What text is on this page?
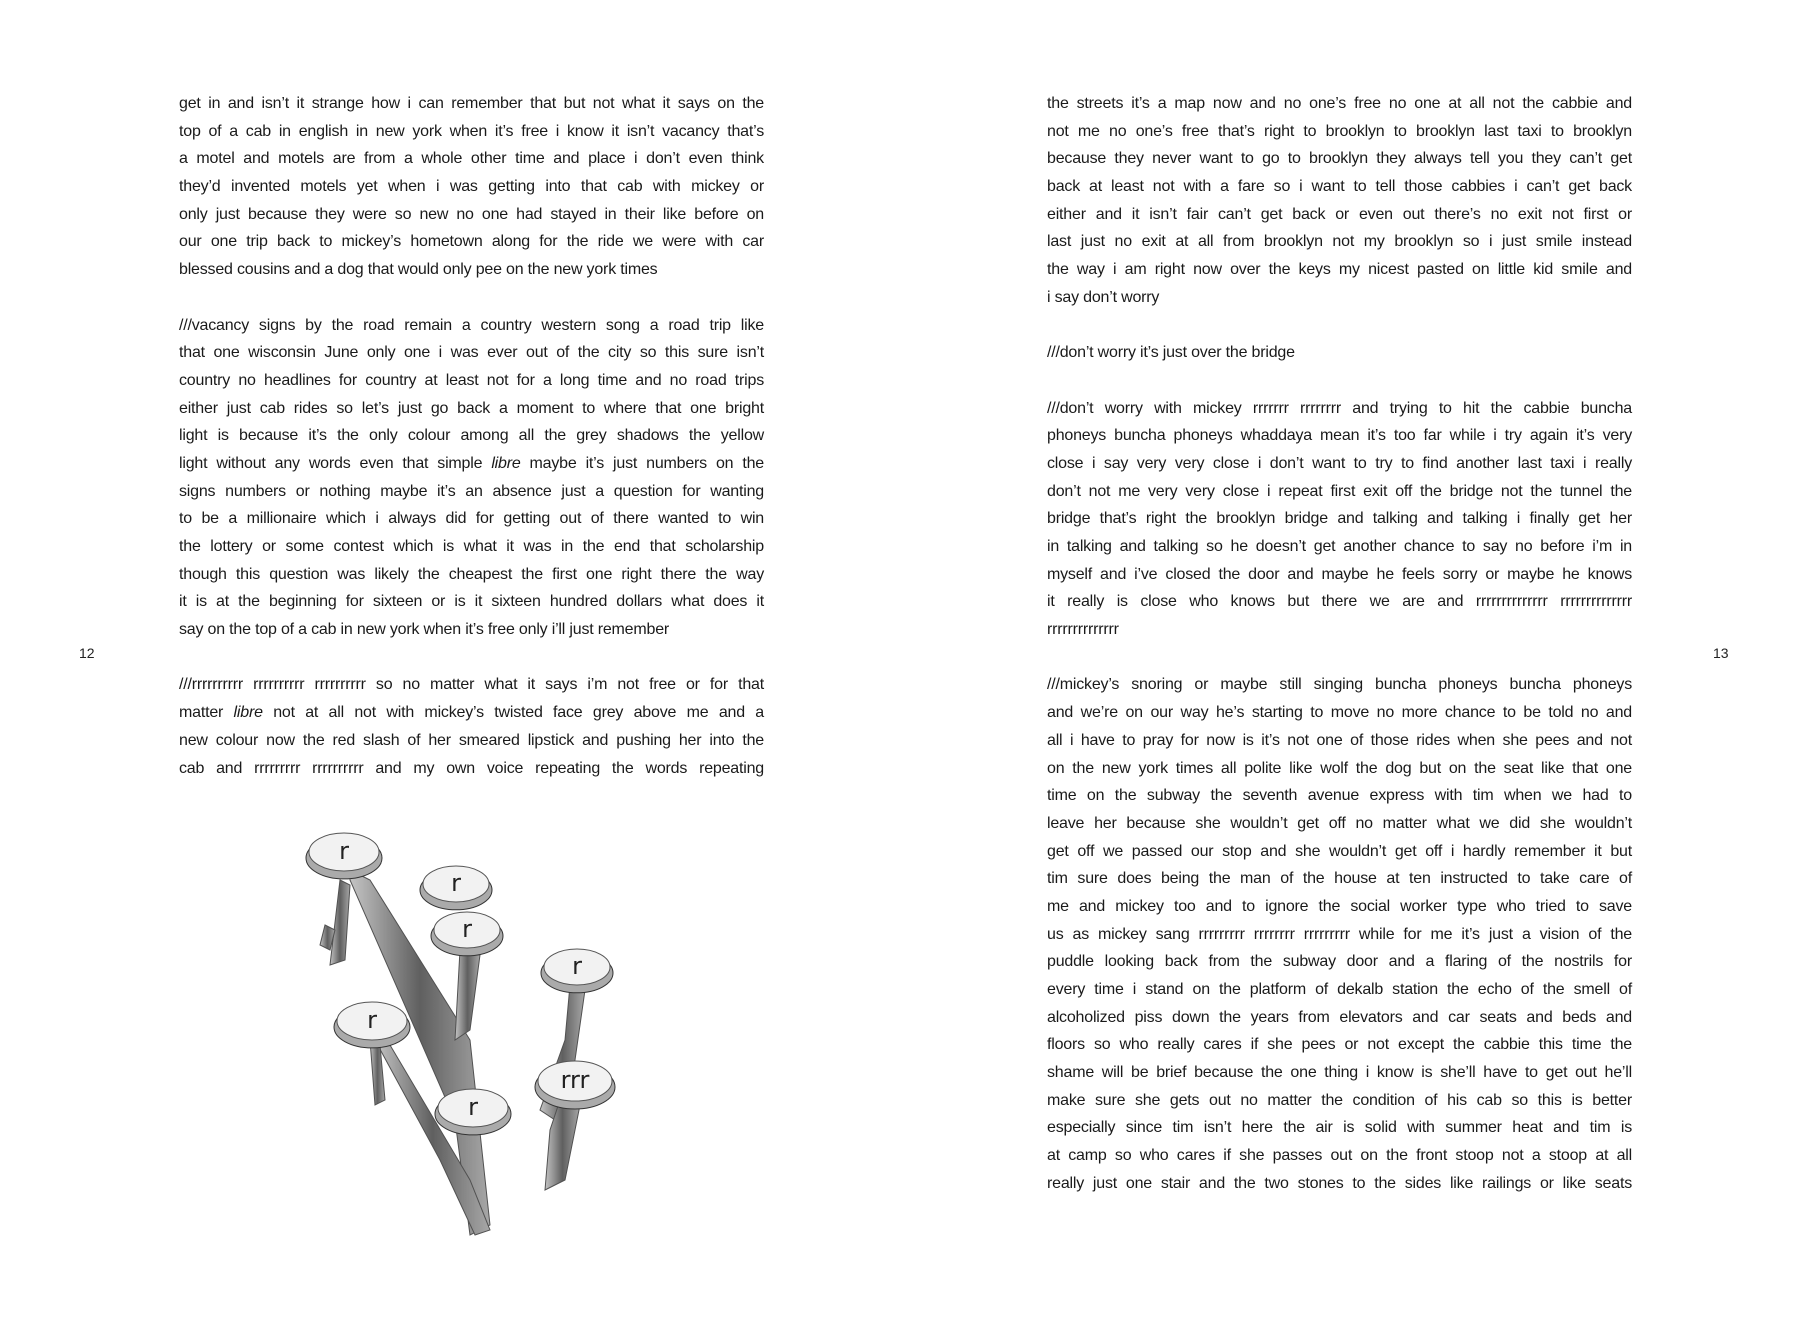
get in and isn’t it strange how i can remember that but not what it says on the
top of a cab in english in new york when it’s free i know it isn’t vacancy that’s
a motel and motels are from a whole other time and place i don’t even think
they’d invented motels yet when i was getting into that cab with mickey or
only just because they were so new no one had stayed in their like before on
our one trip back to mickey’s hometown along for the ride we were with car
blessed cousins and a dog that would only pee on the new york times
///vacancy signs by the road remain a country western song a road trip like
that one wisconsin June only one i was ever out of the city so this sure isn’t
country no headlines for country at least not for a long time and no road trips
either just cab rides so let’s just go back a moment to where that one bright
light is because it’s the only colour among all the grey shadows the yellow
light without any words even that simple libre maybe it’s just numbers on the
signs numbers or nothing maybe it’s an absence just a question for wanting
to be a millionaire which i always did for getting out of there wanted to win
the lottery or some contest which is what it was in the end that scholarship
though this question was likely the cheapest the first one right there the way
it is at the beginning for sixteen or is it sixteen hundred dollars what does it
say on the top of a cab in new york when it’s free only i’ll just remember
///rrrrrrrrrr rrrrrrrrrr rrrrrrrrrr so no matter what it says i’m not free or for that
matter libre not at all not with mickey’s twisted face grey above me and a
new colour now the red slash of her smeared lipstick and pushing her into the
cab and rrrrrrrrr rrrrrrrrrr and my own voice repeating the words repeating
the streets it’s a map now and no one’s free no one at all not the cabbie and
not me no one’s free that’s right to brooklyn to brooklyn last taxi to brooklyn
because they never want to go to brooklyn they always tell you they can’t get
back at least not with a fare so i want to tell those cabbies i can’t get back
either and it isn’t fair can’t get back or even out there’s no exit not first or
last just no exit at all from brooklyn not my brooklyn so i just smile instead
the way i am right now over the keys my nicest pasted on little kid smile and
i say don’t worry
///don’t worry it’s just over the bridge
///don’t worry with mickey rrrrrrr rrrrrrrr and trying to hit the cabbie buncha
phoneys buncha phoneys whaddaya mean it’s too far while i try again it’s very
close i say very very close i don’t want to try to find another last taxi i really
don’t not me very very close i repeat first exit off the bridge not the tunnel the
bridge that’s right the brooklyn bridge and talking and talking i finally get her
in talking and talking so he doesn’t get another chance to say no before i’m in
myself and i’ve closed the door and maybe he feels sorry or maybe he knows
it really is close who knows but there we are and rrrrrrrrrrrrrr rrrrrrrrrrrrrr
rrrrrrrrrrrrrr
///mickey’s snoring or maybe still singing buncha phoneys buncha phoneys
and we’re on our way he’s starting to move no more chance to be told no and
all i have to pray for now is it’s not one of those rides when she pees and not
on the new york times all polite like wolf the dog but on the seat like that one
time on the subway the seventh avenue express with tim when we had to
leave her because she wouldn’t get off no matter what we did she wouldn’t
get off we passed our stop and she wouldn’t get off i hardly remember it but
tim sure does being the man of the house at ten instructed to take care of
me and mickey too and to ignore the social worker type who tried to save
us as mickey sang rrrrrrrrr rrrrrrrr rrrrrrrrr while for me it’s just a vision of the
puddle looking back from the subway door and a flaring of the nostrils for
every time i stand on the platform of dekalb station the echo of the smell of
alcoholized piss down the years from elevators and car seats and beds and
floors so who really cares if she pees or not except the cabbie this time the
shame will be brief because the one thing i know is she’ll have to get out he’ll
make sure she gets out no matter the condition of his cab so this is better
especially since tim isn’t here the air is solid with summer heat and tim is
at camp so who cares if she passes out on the front stoop not a stoop at all
really just one stair and the two stones to the sides like railings or like seats
12	13
r
r
r
r
r
r
rrr
